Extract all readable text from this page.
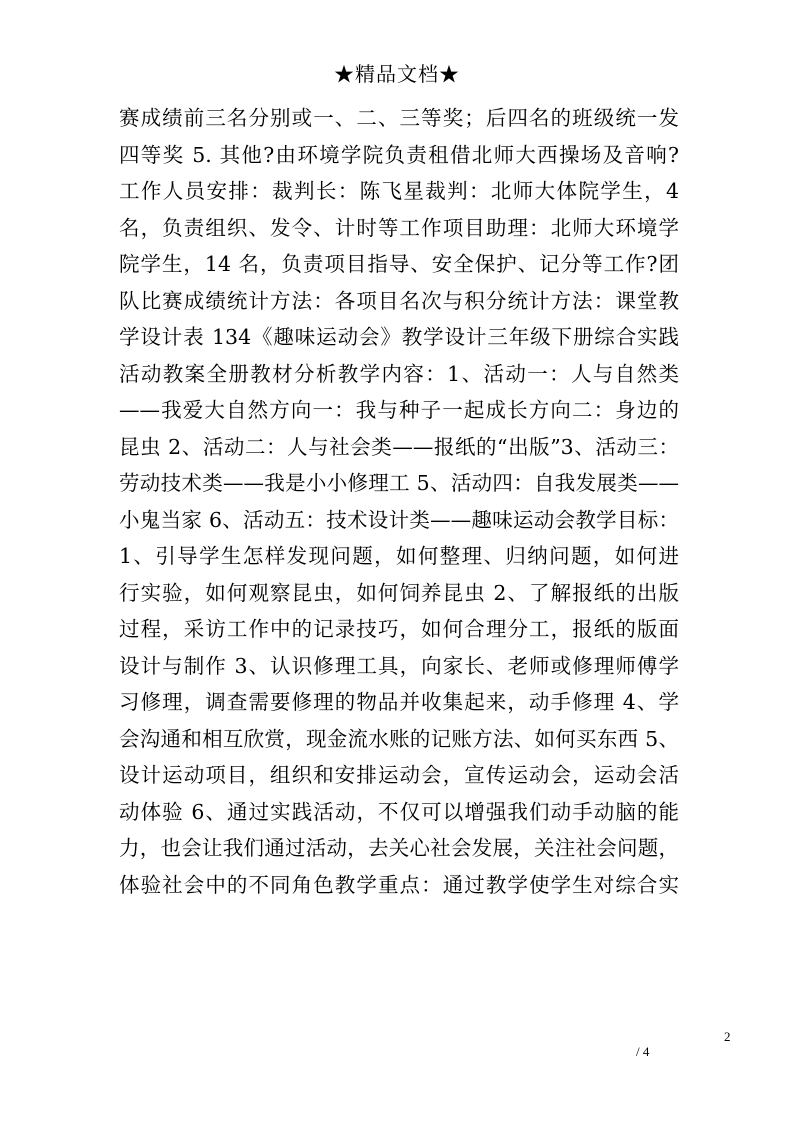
★精品文档★
赛成绩前三名分别或一、二、三等奖；后四名的班级统一发
四等奖 5. 其他?由环境学院负责租借北师大西操场及音响?
工作人员安排：裁判长：陈飞星裁判：北师大体院学生，4
名，负责组织、发令、计时等工作项目助理：北师大环境学
院学生，14 名，负责项目指导、安全保护、记分等工作?团
队比赛成绩统计方法：各项目名次与积分统计方法：课堂教
学设计表 134《趣味运动会》教学设计三年级下册综合实践
活动教案全册教材分析教学内容：1、活动一：人与自然类
——我爱大自然方向一：我与种子一起成长方向二：身边的
昆虫 2、活动二：人与社会类——报纸的“出版”3、活动三：
劳动技术类——我是小小修理工 5、活动四：自我发展类——
小鬼当家 6、活动五：技术设计类——趣味运动会教学目标：
1、引导学生怎样发现问题，如何整理、归纳问题，如何进
行实验，如何观察昆虫，如何饲养昆虫 2、了解报纸的出版
过程，采访工作中的记录技巧，如何合理分工，报纸的版面
设计与制作 3、认识修理工具，向家长、老师或修理师傅学
习修理，调查需要修理的物品并收集起来，动手修理 4、学
会沟通和相互欣赏，现金流水账的记账方法、如何买东西 5、
设计运动项目，组织和安排运动会，宣传运动会，运动会活
动体验 6、通过实践活动，不仅可以增强我们动手动脑的能
力，也会让我们通过活动，去关心社会发展，关注社会问题，
体验社会中的不同角色教学重点：通过教学使学生对综合实
2
/ 4
